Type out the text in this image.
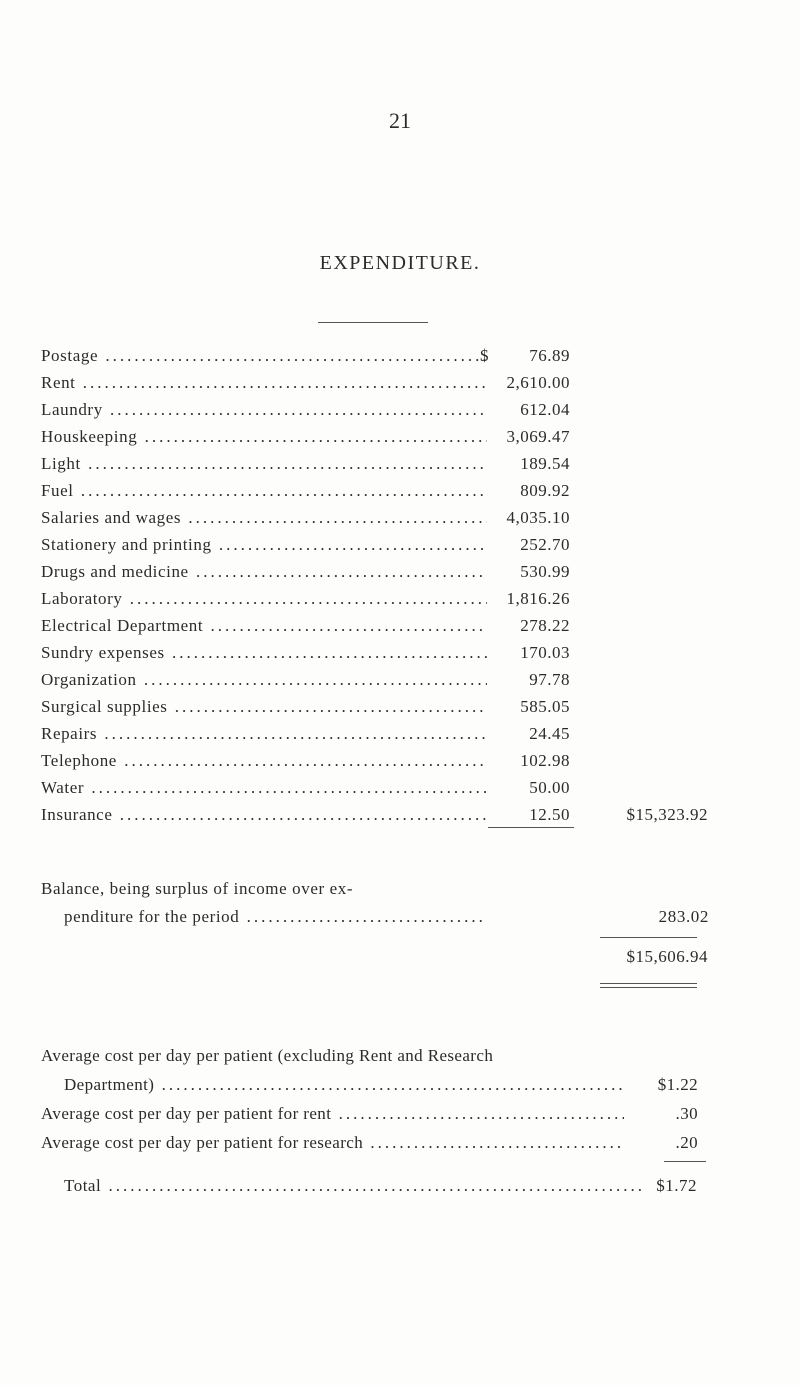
21
EXPENDITURE.
Postage .....	$ 76.89
Rent .....	2,610.00
Laundry .....	612.04
Houskeeping .....	3,069.47
Light .....	189.54
Fuel .....	809.92
Salaries and wages .....	4,035.10
Stationery and printing .....	252.70
Drugs and medicine .....	530.99
Laboratory .....	1,816.26
Electrical Department .....	278.22
Sundry expenses .....	170.03
Organization .....	97.78
Surgical supplies .....	585.05
Repairs .....	24.45
Telephone .....	102.98
Water .....	50.00
Insurance .....	12.50	$15,323.92
Balance, being surplus of income over ex-
penditure for the period .....	283.02
$15,606.94
Average cost per day per patient (excluding Rent and Research
Department) .....	$1.22
Average cost per day per patient for rent .....	.30
Average cost per day per patient for research .....	.20
Total .....	$1.72
